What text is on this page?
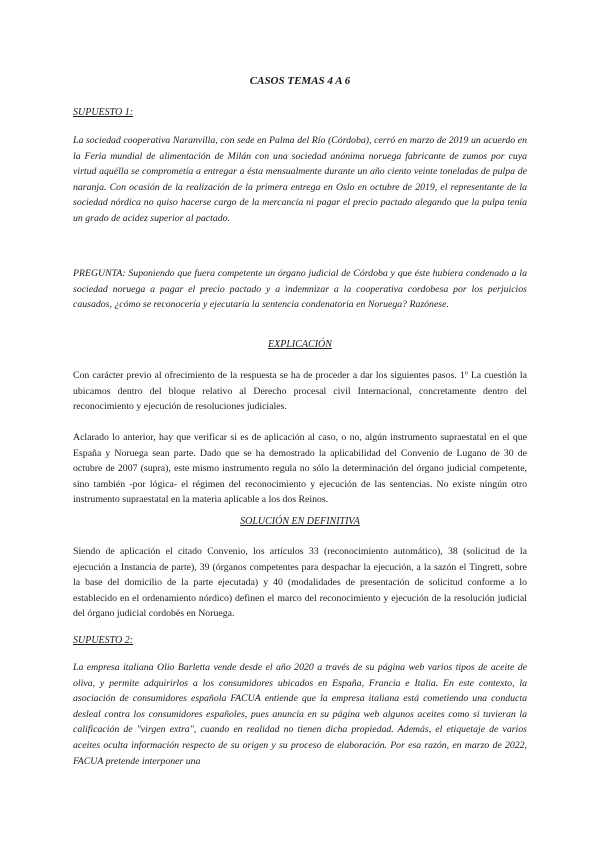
CASOS TEMAS 4 A 6
SUPUESTO 1:

La sociedad cooperativa Naranvilla, con sede en Palma del Río (Córdoba), cerró en marzo de 2019 un acuerdo en la Feria mundial de alimentación de Milán con una sociedad anónima noruega fabricante de zumos por cuya virtud aquélla se comprometía a entregar a ésta mensualmente durante un año ciento veinte toneladas de pulpa de naranja. Con ocasión de la realización de la primera entrega en Oslo en octubre de 2019, el representante de la sociedad nórdica no quiso hacerse cargo de la mercancía ni pagar el precio pactado alegando que la pulpa tenía un grado de acidez superior al pactado.

PREGUNTA: Suponiendo que fuera competente un órgano judicial de Córdoba y que éste hubiera condenado a la sociedad noruega a pagar el precio pactado y a indemnizar a la cooperativa cordobesa por los perjuicios causados, ¿cómo se reconocería y ejecutaría la sentencia condenatoria en Noruega? Razónese.

EXPLICACIÓN

Con carácter previo al ofrecimiento de la respuesta se ha de proceder a dar los siguientes pasos. 1º La cuestión la ubicamos dentro del bloque relativo al Derecho procesal civil Internacional, concretamente dentro del reconocimiento y ejecución de resoluciones judiciales.

Aclarado lo anterior, hay que verificar si es de aplicación al caso, o no, algún instrumento supraestatal en el que España y Noruega sean parte. Dado que se ha demostrado la aplicabilidad del Convenio de Lugano de 30 de octubre de 2007 (supra), este mismo instrumento regula no sólo la determinación del órgano judicial competente, sino también -por lógica- el régimen del reconocimiento y ejecución de las sentencias. No existe ningún otro instrumento supraestatal en la materia aplicable a los dos Reinos.

SOLUCIÓN EN DEFINITIVA

Siendo de aplicación el citado Convenio, los artículos 33 (reconocimiento automático), 38 (solicitud de la ejecución a Instancia de parte), 39 (órganos competentes para despachar la ejecución, a la sazón el Tingrett, sobre la base del domicilio de la parte ejecutada) y 40 (modalidades de presentación de solicitud conforme a lo establecido en el ordenamiento nórdico) definen el marco del reconocimiento y ejecución de la resolución judicial del órgano judicial cordobés en Noruega.

SUPUESTO 2:

La empresa italiana Olio Barletta vende desde el año 2020 a través de su página web varios tipos de aceite de oliva, y permite adquirirlos a los consumidores ubicados en España, Francia e Italia. En este contexto, la asociación de consumidores española FACUA entiende que la empresa italiana está cometiendo una conducta desleal contra los consumidores españoles, pues anuncia en su página web algunos aceites como si tuvieran la calificación de "virgen extra", cuando en realidad no tienen dicha propiedad. Además, el etiquetaje de varios aceites oculta información respecto de su origen y su proceso de elaboración. Por esa razón, en marzo de 2022, FACUA pretende interponer una
